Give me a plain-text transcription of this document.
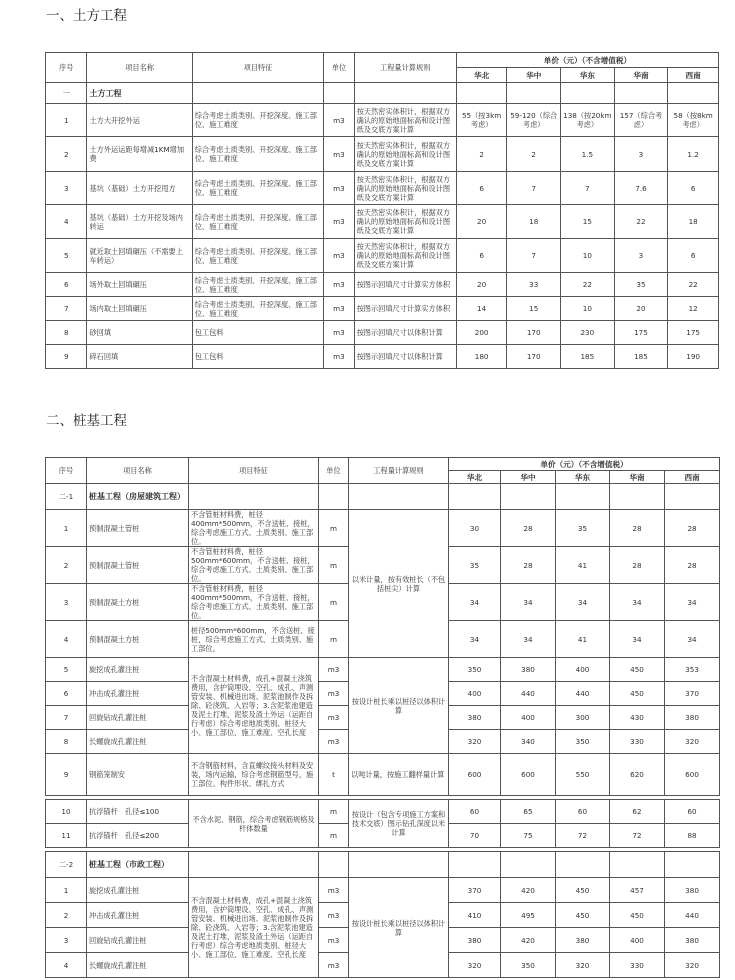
一、土方工程
序号	项目名称	项目特征	单位	工程量计算规则	单价（元）（不含增值税）				
					华北	华中	华东	华南	西南
一	土方工程								
1	土方大开挖外运	综合考虑土质类别、开挖深度、施工部位、施工难度	m3	按天然密实体积计，根据双方确认的原始地面标高和设计图纸及交底方案计算	55（按3km考虑）	59-120（综合考虑）	138（按20km考虑）	157（综合考虑）	58（按8km考虑）
2	土方外运运距每增减1KM增加费	综合考虑土质类别、开挖深度、施工部位、施工难度	m3	按天然密实体积计，根据双方确认的原始地面标高和设计图纸及交底方案计算	2	2	1.5	3	1.2
3	基坑（基础）土方开挖甩方	综合考虑土质类别、开挖深度、施工部位、施工难度	m3	按天然密实体积计，根据双方确认的原始地面标高和设计图纸及交底方案计算	6	7	7	7.6	6
4	基坑（基础）土方开挖及场内转运	综合考虑土质类别、开挖深度、施工部位、施工难度	m3	按天然密实体积计，根据双方确认的原始地面标高和设计图纸及交底方案计算	20	18	15	22	18
5	就近取土回填碾压（不需要上车转运）	综合考虑土质类别、开挖深度、施工部位、施工难度	m3	按天然密实体积计，根据双方确认的原始地面标高和设计图纸及交底方案计算	6	7	10	3	6
6	场外取土回填碾压	综合考虑土质类别、开挖深度、施工部位、施工难度	m3	按图示回填尺寸计算实方体积	20	33	22	35	22
7	场内取土回填碾压	综合考虑土质类别、开挖深度、施工部位、施工难度	m3	按图示回填尺寸计算实方体积	14	15	10	20	12
8	砂回填	包工包料	m3	按图示回填尺寸以体积计算	200	170	230	175	175
9	碎石回填	包工包料	m3	按图示回填尺寸以体积计算	180	170	185	185	190
二、桩基工程
序号	项目名称	项目特征	单位	工程量计算规则	单价（元）（不含增值税）				
					华北	华中	华东	华南	西南
二-1	桩基工程（房屋建筑工程）								
1	预制混凝土管桩	不含管桩材料费，桩径400mm*500mm，不含送桩、接桩，综合考虑施工方式、土质类别、施工部位。	m	以米计量，按有效桩长（不包括桩尖）计算	30	28	35	28	28
2	预制混凝土管桩	不含管桩材料费，桩径500mm*600mm，不含送桩、接桩，综合考虑施工方式、土质类别、施工部位。	m		35	28	41	28	28
3	预制混凝土方桩	不含管桩材料费，桩径400mm*500mm，不含送桩、接桩，综合考虑施工方式、土质类别、施工部位。	m		34	34	34	34	34
4	预制混凝土方桩	桩径500mm*600mm，不含送桩、接桩，综合考虑施工方式、土质类别、施工部位。	m		34	34	41	34	34
5	旋挖成孔灌注桩	不含混凝土材料费，成孔+混凝土浇筑费用，含护筒埋设、空孔、成孔、声测管安装、机械进出场、泥浆池制作及拆除、砼浇筑、入岩等；3.含泥浆池建造及泥土打堆，泥浆及渣土外运（运距自行考虑）综合考虑地质类别、桩径大小、施工部位、施工难度、空孔长度	m3	按设计桩长乘以桩径以体积计算	350	380	400	450	353
6	冲击成孔灌注桩		m3		400	440	440	450	370
7	回旋钻成孔灌注桩		m3		380	400	300	430	380
8	长螺旋成孔灌注桩		m3		320	340	350	330	320
9	钢筋笼制安	不含钢筋材料，含直螺纹接头材料及安装，场内运输，综合考虑钢筋型号，施工部位、构件形状、绑扎方式	t	以吨计量，按施工翻样量计算	600	600	550	620	600

10	抗浮锚杆　孔径≤100	不含水泥、钢筋，综合考虑钢筋规格及杆体数量	m	按设计（包含专项施工方案和技术交底）图示钻孔深度以米计算	60	65	60	62	60
11	抗浮锚杆　孔径≤200		m		70	75	72	72	88

二-2	桩基工程（市政工程）								
1	旋挖成孔灌注桩	不含混凝土材料费，成孔+混凝土浇筑费用，含护筒埋设、空孔、成孔、声测管安装、机械进出场、泥浆池制作及拆除、砼浇筑、入岩等；3.含泥浆池建造及泥土打堆，泥浆及渣土外运（运距自行考虑）综合考虑地质类别、桩径大小、施工部位、施工难度、空孔长度	m3	按设计桩长乘以桩径以体积计算	370	420	450	457	380
2	冲击成孔灌注桩		m3		410	495	450	450	440
3	回旋钻成孔灌注桩		m3		380	420	380	400	380
4	长螺旋成孔灌注桩		m3		320	350	320	330	320
